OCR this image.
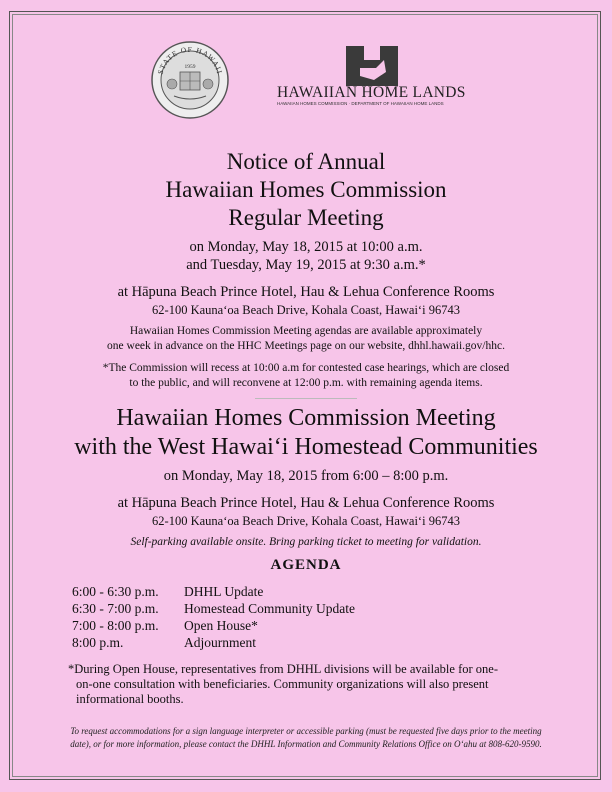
STATE OF HAWAII
1959
HAWAIIAN HOME LANDS
HAWAIIAN HOMES COMMISSION · DEPARTMENT OF HAWAIIAN HOME LANDS
Notice of Annual
Hawaiian Homes Commission
Regular Meeting
on Monday, May 18, 2015 at 10:00 a.m.
and Tuesday, May 19, 2015 at 9:30 a.m.*
at Hāpuna Beach Prince Hotel, Hau & Lehua Conference Rooms
62-100 Kauna‘oa Beach Drive, Kohala Coast, Hawai‘i 96743
Hawaiian Homes Commission Meeting agendas are available approximately
one week in advance on the HHC Meetings page on our website, dhhl.hawaii.gov/hhc.
*The Commission will recess at 10:00 a.m for contested case hearings, which are closed
to the public, and will reconvene at 12:00 p.m. with remaining agenda items.
Hawaiian Homes Commission Meeting
with the West Hawai‘i Homestead Communities
on Monday, May 18, 2015 from 6:00 – 8:00 p.m.
at Hāpuna Beach Prince Hotel, Hau & Lehua Conference Rooms
62-100 Kauna‘oa Beach Drive, Kohala Coast, Hawai‘i 96743
Self-parking available onsite. Bring parking ticket to meeting for validation.
AGENDA
6:00 - 6:30 p.m.	DHHL Update
6:30 - 7:00 p.m.	Homestead Community Update
7:00 - 8:00 p.m.	Open House*
8:00 p.m.	Adjournment
*During Open House, representatives from DHHL divisions will be available for one-
on-one consultation with beneficiaries. Community organizations will also present
informational booths.
To request accommodations for a sign language interpreter or accessible parking (must be requested five days prior to the meeting
date), or for more information, please contact the DHHL Information and Community Relations Office on O‘ahu at 808-620-9590.
